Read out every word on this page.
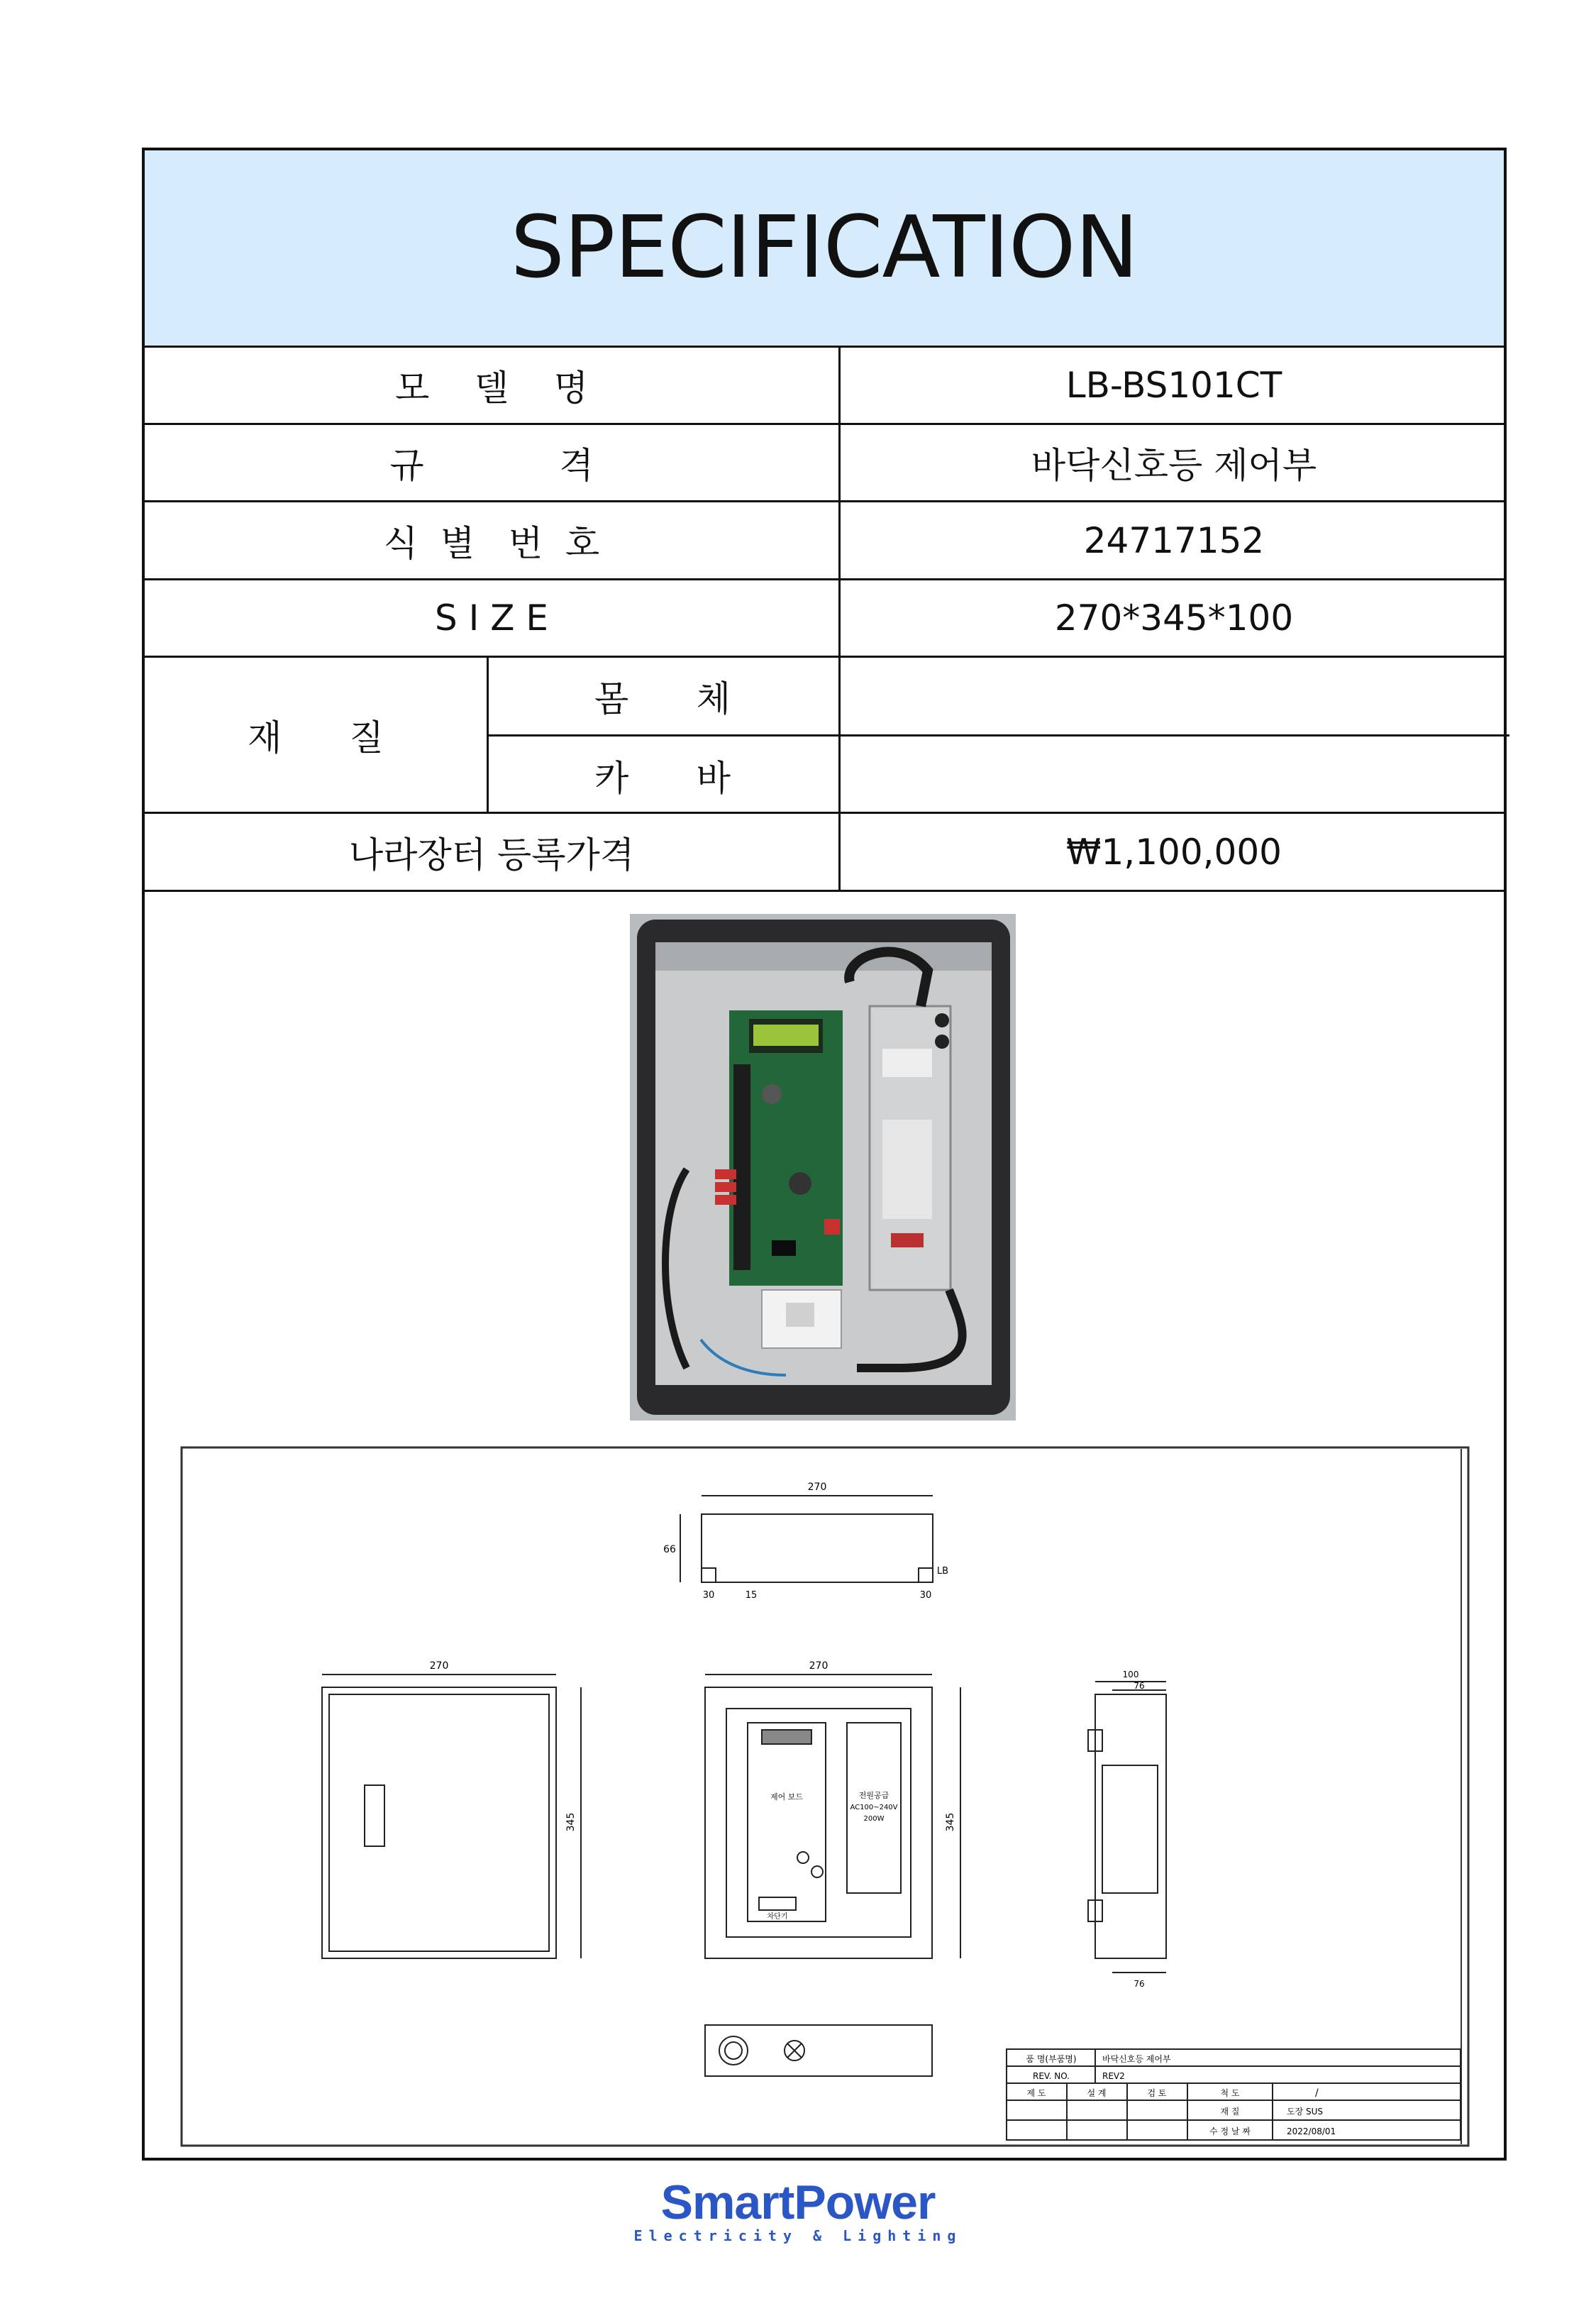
SPECIFICATION
모    델    명	LB-BS101CT
규            격	바닥신호등 제어부
식  별   번  호	24717152
S I Z E	270*345*100
재      질
몸      체
카      바
나라장터 등록가격	₩1,100,000
270
66
30	15	30
LB
270
345
270
345
제어 보드	전원공급
AC100~240V
200W
차단기
100
76
76
품 명(부품명)	바닥신호등 제어부
REV. NO.	REV2
제 도	설 계	검 토	척 도	/
재 질	도장 SUS
수 정 날 짜	2022/08/01
SmartPower
Electricity & Lighting
